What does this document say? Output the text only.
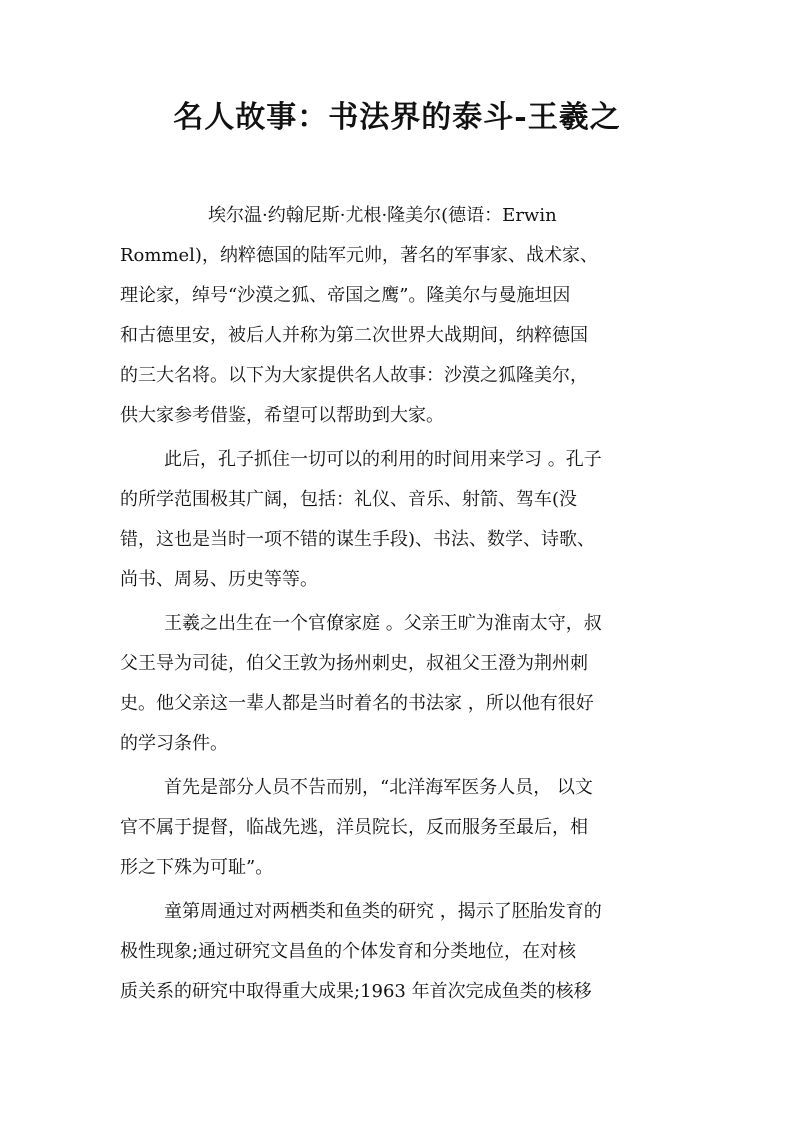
名人故事：书法界的泰斗-王羲之
埃尔温·约翰尼斯·尤根·隆美尔(德语：Erwin
Rommel)，纳粹德国的陆军元帅，著名的军事家、战术家、
理论家，绰号“沙漠之狐、帝国之鹰”。隆美尔与曼施坦因
和古德里安，被后人并称为第二次世界大战期间，纳粹德国
的三大名将。以下为大家提供名人故事：沙漠之狐隆美尔，
供大家参考借鉴，希望可以帮助到大家。
此后，孔子抓住一切可以的利用的时间用来学习 。孔子
的所学范围极其广阔，包括：礼仪、音乐、射箭、驾车(没
错，这也是当时一项不错的谋生手段)、书法、数学、诗歌、
尚书、周易、历史等等。
王羲之出生在一个官僚家庭 。父亲王旷为淮南太守，叔
父王导为司徒，伯父王敦为扬州刺史，叔祖父王澄为荆州刺
史。他父亲这一辈人都是当时着名的书法家 ，所以他有很好
的学习条件。
首先是部分人员不告而别，“北洋海军医务人员， 以文
官不属于提督，临战先逃，洋员院长，反而服务至最后，相
形之下殊为可耻”。
童第周通过对两栖类和鱼类的研究 ，揭示了胚胎发育的
极性现象;通过研究文昌鱼的个体发育和分类地位，在对核
质关系的研究中取得重大成果;1963 年首次完成鱼类的核移
